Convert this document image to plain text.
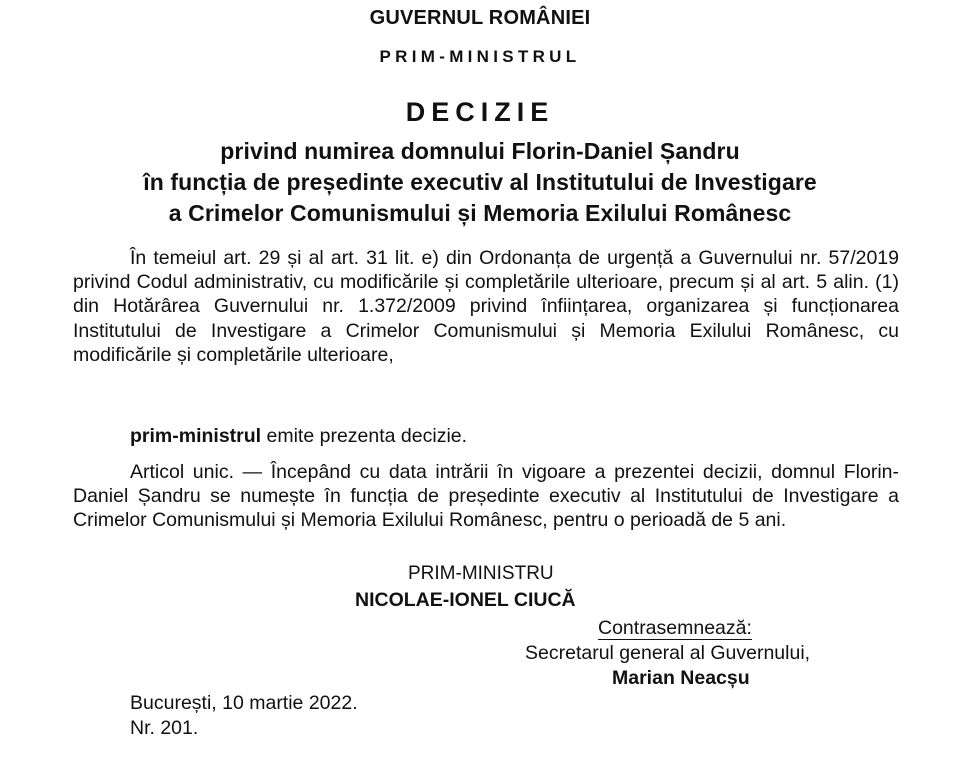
GUVERNUL ROMÂNIEI
PRIM-MINISTRUL
DECIZIE
privind numirea domnului Florin-Daniel Șandru
în funcția de președinte executiv al Institutului de Investigare
a Crimelor Comunismului și Memoria Exilului Românesc

În temeiul art. 29 și al art. 31 lit. e) din Ordonanța de urgență a Guvernului nr. 57/2019 privind Codul administrativ, cu modificările și completările ulterioare, precum și al art. 5 alin. (1) din Hotărârea Guvernului nr. 1.372/2009 privind înființarea, organizarea și funcționarea Institutului de Investigare a Crimelor Comunismului și Memoria Exilului Românesc, cu modificările și completările ulterioare,

prim-ministrul emite prezenta decizie.

Articol unic. — Începând cu data intrării în vigoare a prezentei decizii, domnul Florin-Daniel Șandru se numește în funcția de președinte executiv al Institutului de Investigare a Crimelor Comunismului și Memoria Exilului Românesc, pentru o perioadă de 5 ani.

PRIM-MINISTRU
NICOLAE-IONEL CIUCĂ
Contrasemnează:
Secretarul general al Guvernului,
Marian Neacșu
București, 10 martie 2022.
Nr. 201.
